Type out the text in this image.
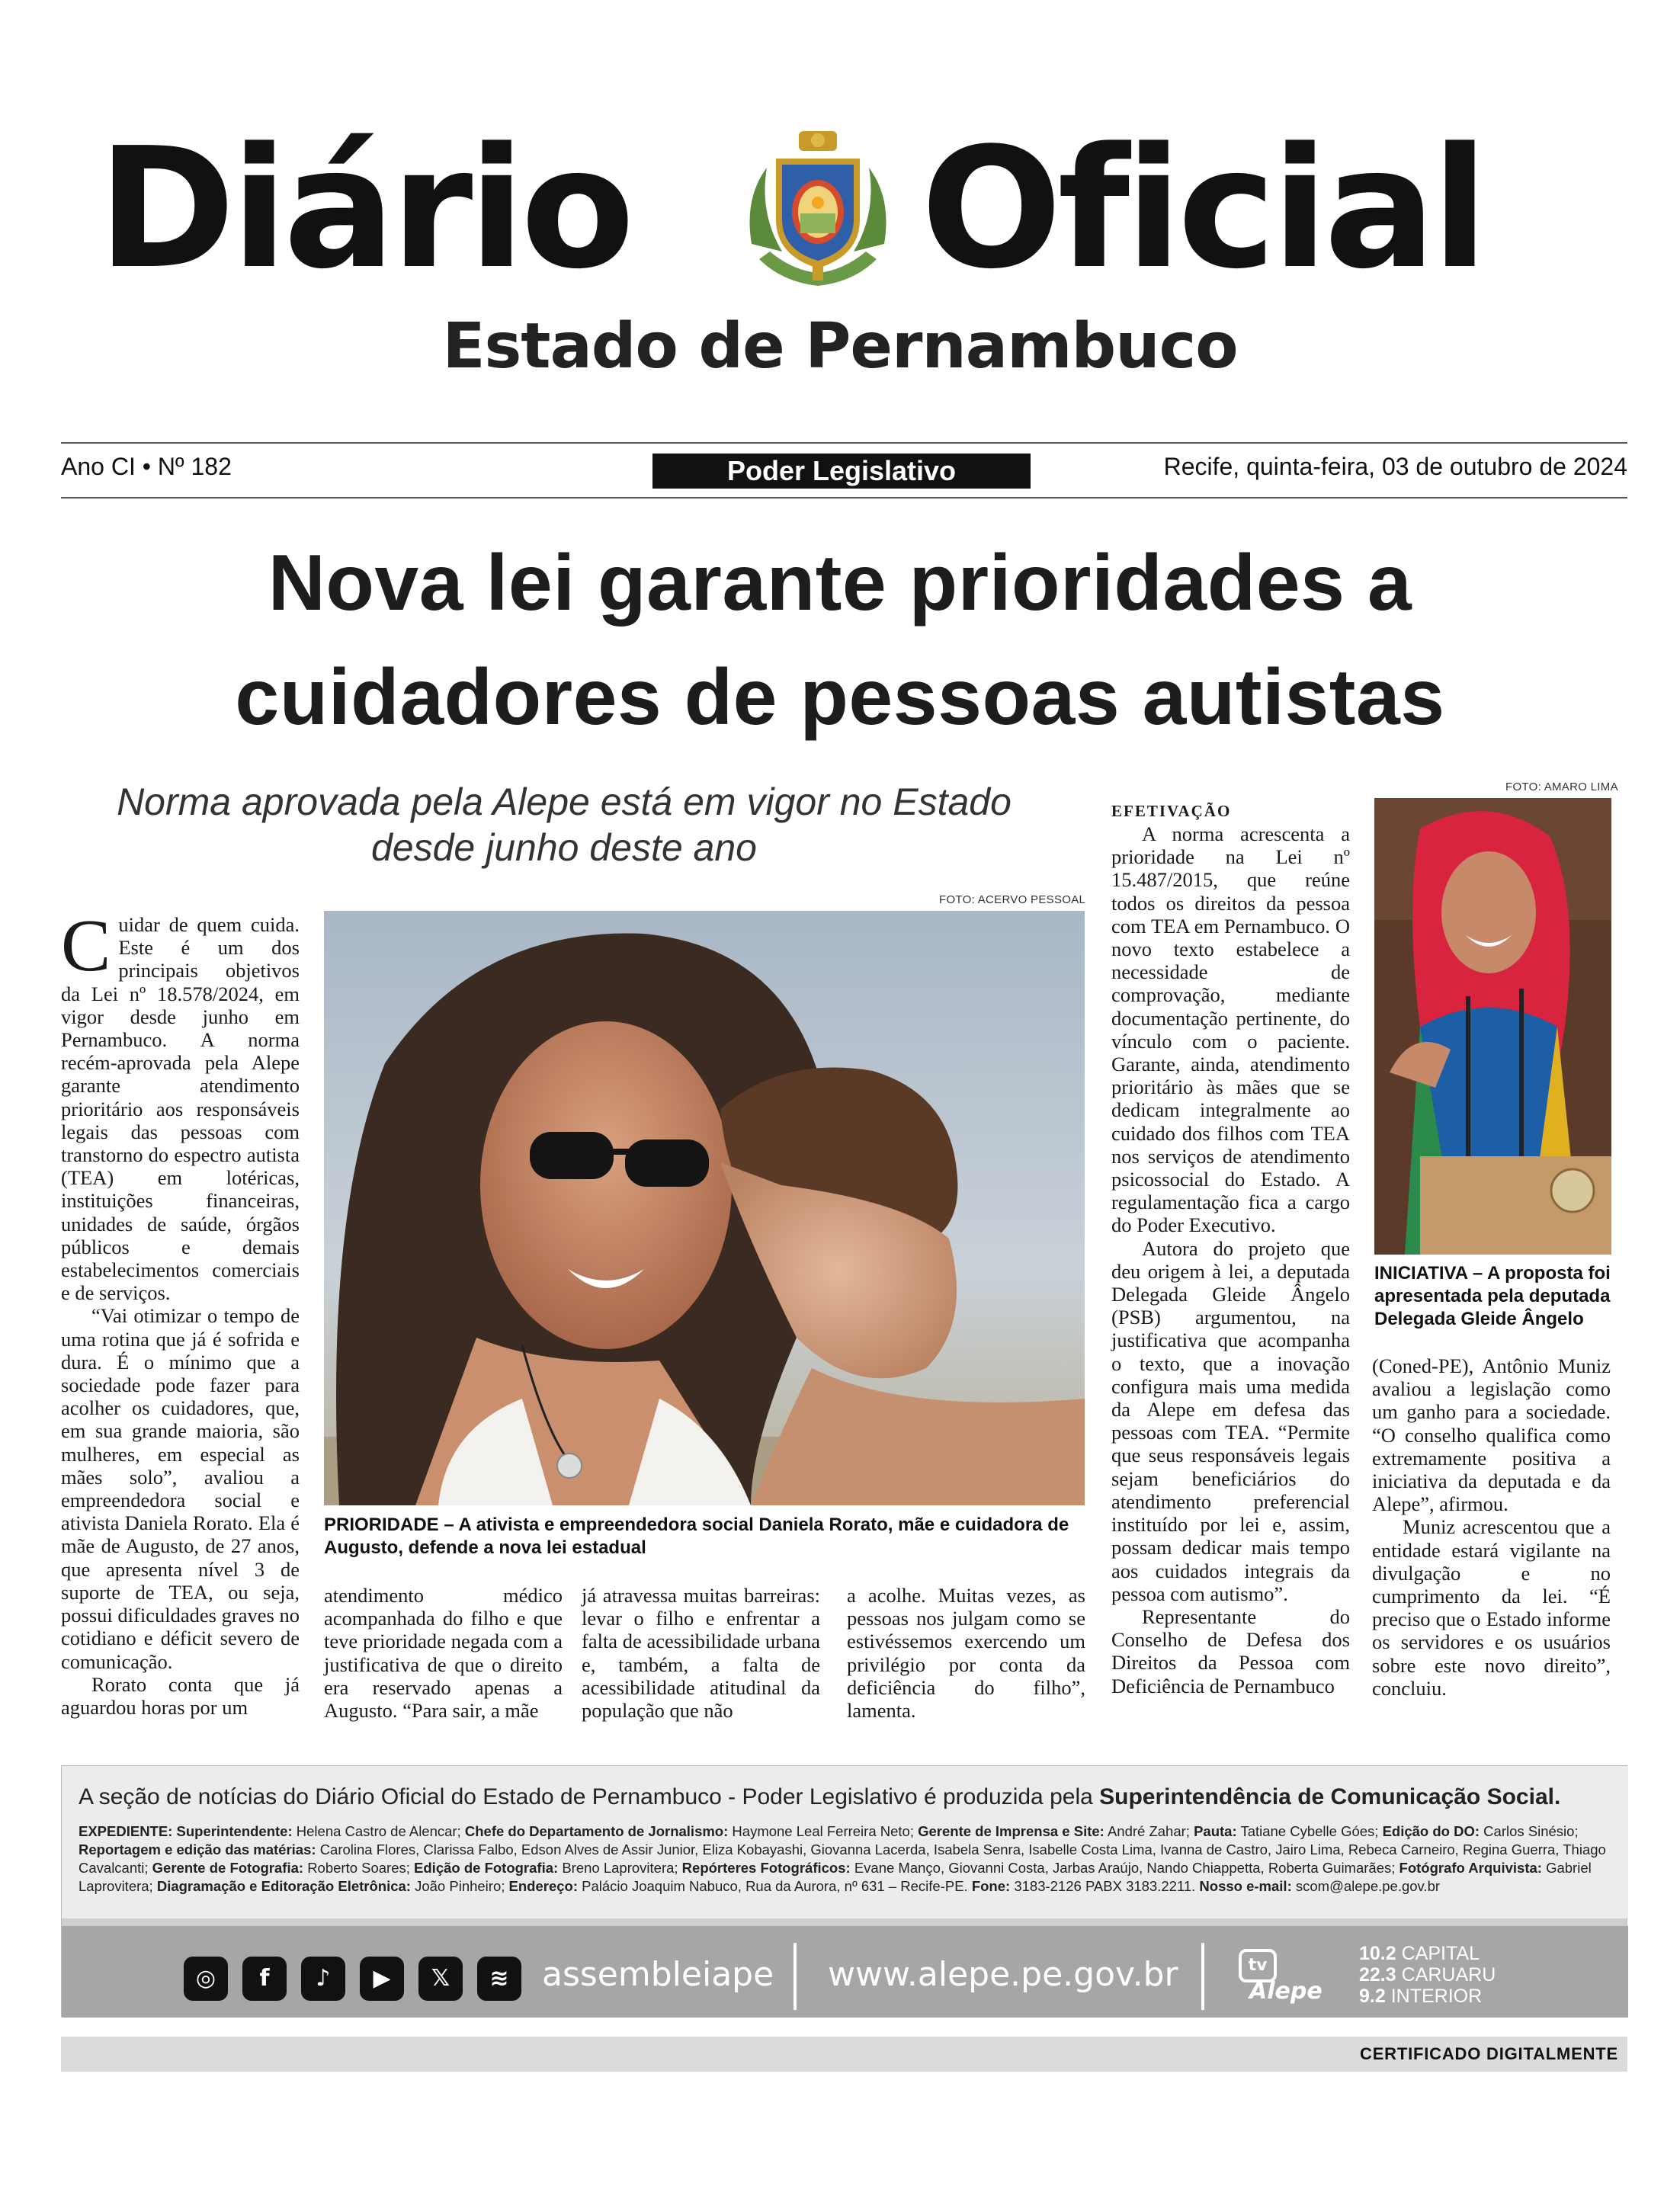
Diário Oficial
Estado de Pernambuco
Ano CI • Nº 182	Poder Legislativo	Recife, quinta-feira, 03 de outubro de 2024
Nova lei garante prioridades a cuidadores de pessoas autistas
Norma aprovada pela Alepe está em vigor no Estado desde junho deste ano

Cuidar de quem cuida. Este é um dos principais objetivos da Lei nº 18.578/2024, em vigor desde junho em Pernambuco. A norma recém-aprovada pela Alepe garante atendimento prioritário aos responsáveis legais das pessoas com transtorno do espectro autista (TEA) em lotéricas, instituições financeiras, unidades de saúde, órgãos públicos e demais estabelecimentos comerciais e de serviços.

“Vai otimizar o tempo de uma rotina que já é sofrida e dura. É o mínimo que a sociedade pode fazer para acolher os cuidadores, que, em sua grande maioria, são mulheres, em especial as mães solo”, avaliou a empreendedora social e ativista Daniela Rorato. Ela é mãe de Augusto, de 27 anos, que apresenta nível 3 de suporte de TEA, ou seja, possui dificuldades graves no cotidiano e déficit severo de comunicação.

Rorato conta que já aguardou horas por um

FOTO: ACERVO PESSOAL
PRIORIDADE – A ativista e empreendedora social Daniela Rorato, mãe e cuidadora de Augusto, defende a nova lei estadual

atendimento médico acompanhada do filho e que teve prioridade negada com a justificativa de que o direito era reservado apenas a Augusto. “Para sair, a mãe

já atravessa muitas barreiras: levar o filho e enfrentar a falta de acessibilidade urbana e, também, a falta de acessibilidade atitudinal da população que não

a acolhe. Muitas vezes, as pessoas nos julgam como se estivéssemos exercendo um privilégio por conta da deficiência do filho”, lamenta.

EFETIVAÇÃO

A norma acrescenta a prioridade na Lei nº 15.487/2015, que reúne todos os direitos da pessoa com TEA em Pernambuco. O novo texto estabelece a necessidade de comprovação, mediante documentação pertinente, do vínculo com o paciente. Garante, ainda, atendimento prioritário às mães que se dedicam integralmente ao cuidado dos filhos com TEA nos serviços de atendimento psicossocial do Estado. A regulamentação fica a cargo do Poder Executivo.

Autora do projeto que deu origem à lei, a deputada Delegada Gleide Ângelo (PSB) argumentou, na justificativa que acompanha o texto, que a inovação configura mais uma medida da Alepe em defesa das pessoas com TEA. “Permite que seus responsáveis legais sejam beneficiários do atendimento preferencial instituído por lei e, assim, possam dedicar mais tempo aos cuidados integrais da pessoa com autismo”.

Representante do Conselho de Defesa dos Direitos da Pessoa com Deficiência de Pernambuco

FOTO: AMARO LIMA
INICIATIVA – A proposta foi apresentada pela deputada Delegada Gleide Ângelo

(Coned-PE), Antônio Muniz avaliou a legislação como um ganho para a sociedade. “O conselho qualifica como extremamente positiva a iniciativa da deputada e da Alepe”, afirmou.

Muniz acrescentou que a entidade estará vigilante na divulgação e no cumprimento da lei. “É preciso que o Estado informe os servidores e os usuários sobre este novo direito”, concluiu.

A seção de notícias do Diário Oficial do Estado de Pernambuco - Poder Legislativo é produzida pela Superintendência de Comunicação Social.
EXPEDIENTE: Superintendente: Helena Castro de Alencar; Chefe do Departamento de Jornalismo: Haymone Leal Ferreira Neto; Gerente de Imprensa e Site: André Zahar; Pauta: Tatiane Cybelle Góes; Edição do DO: Carlos Sinésio; Reportagem e edição das matérias: Carolina Flores, Clarissa Falbo, Edson Alves de Assir Junior, Eliza Kobayashi, Giovanna Lacerda, Isabela Senra, Isabelle Costa Lima, Ivanna de Castro, Jairo Lima, Rebeca Carneiro, Regina Guerra, Thiago Cavalcanti; Gerente de Fotografia: Roberto Soares; Edição de Fotografia: Breno Laprovitera; Repórteres Fotográficos: Evane Manço, Giovanni Costa, Jarbas Araújo, Nando Chiappetta, Roberta Guimarães; Fotógrafo Arquivista: Gabriel Laprovitera; Diagramação e Editoração Eletrônica: João Pinheiro; Endereço: Palácio Joaquim Nabuco, Rua da Aurora, nº 631 – Recife-PE. Fone: 3183-2126 PABX 3183.2211. Nosso e-mail: scom@alepe.pe.gov.br
◎	f	♪	▶	𝕏	≋ assembleiape www.alepe.pe.gov.br	tv
Alepe
10.2 CAPITAL
22.3 CARUARU
9.2 INTERIOR
CERTIFICADO DIGITALMENTE
